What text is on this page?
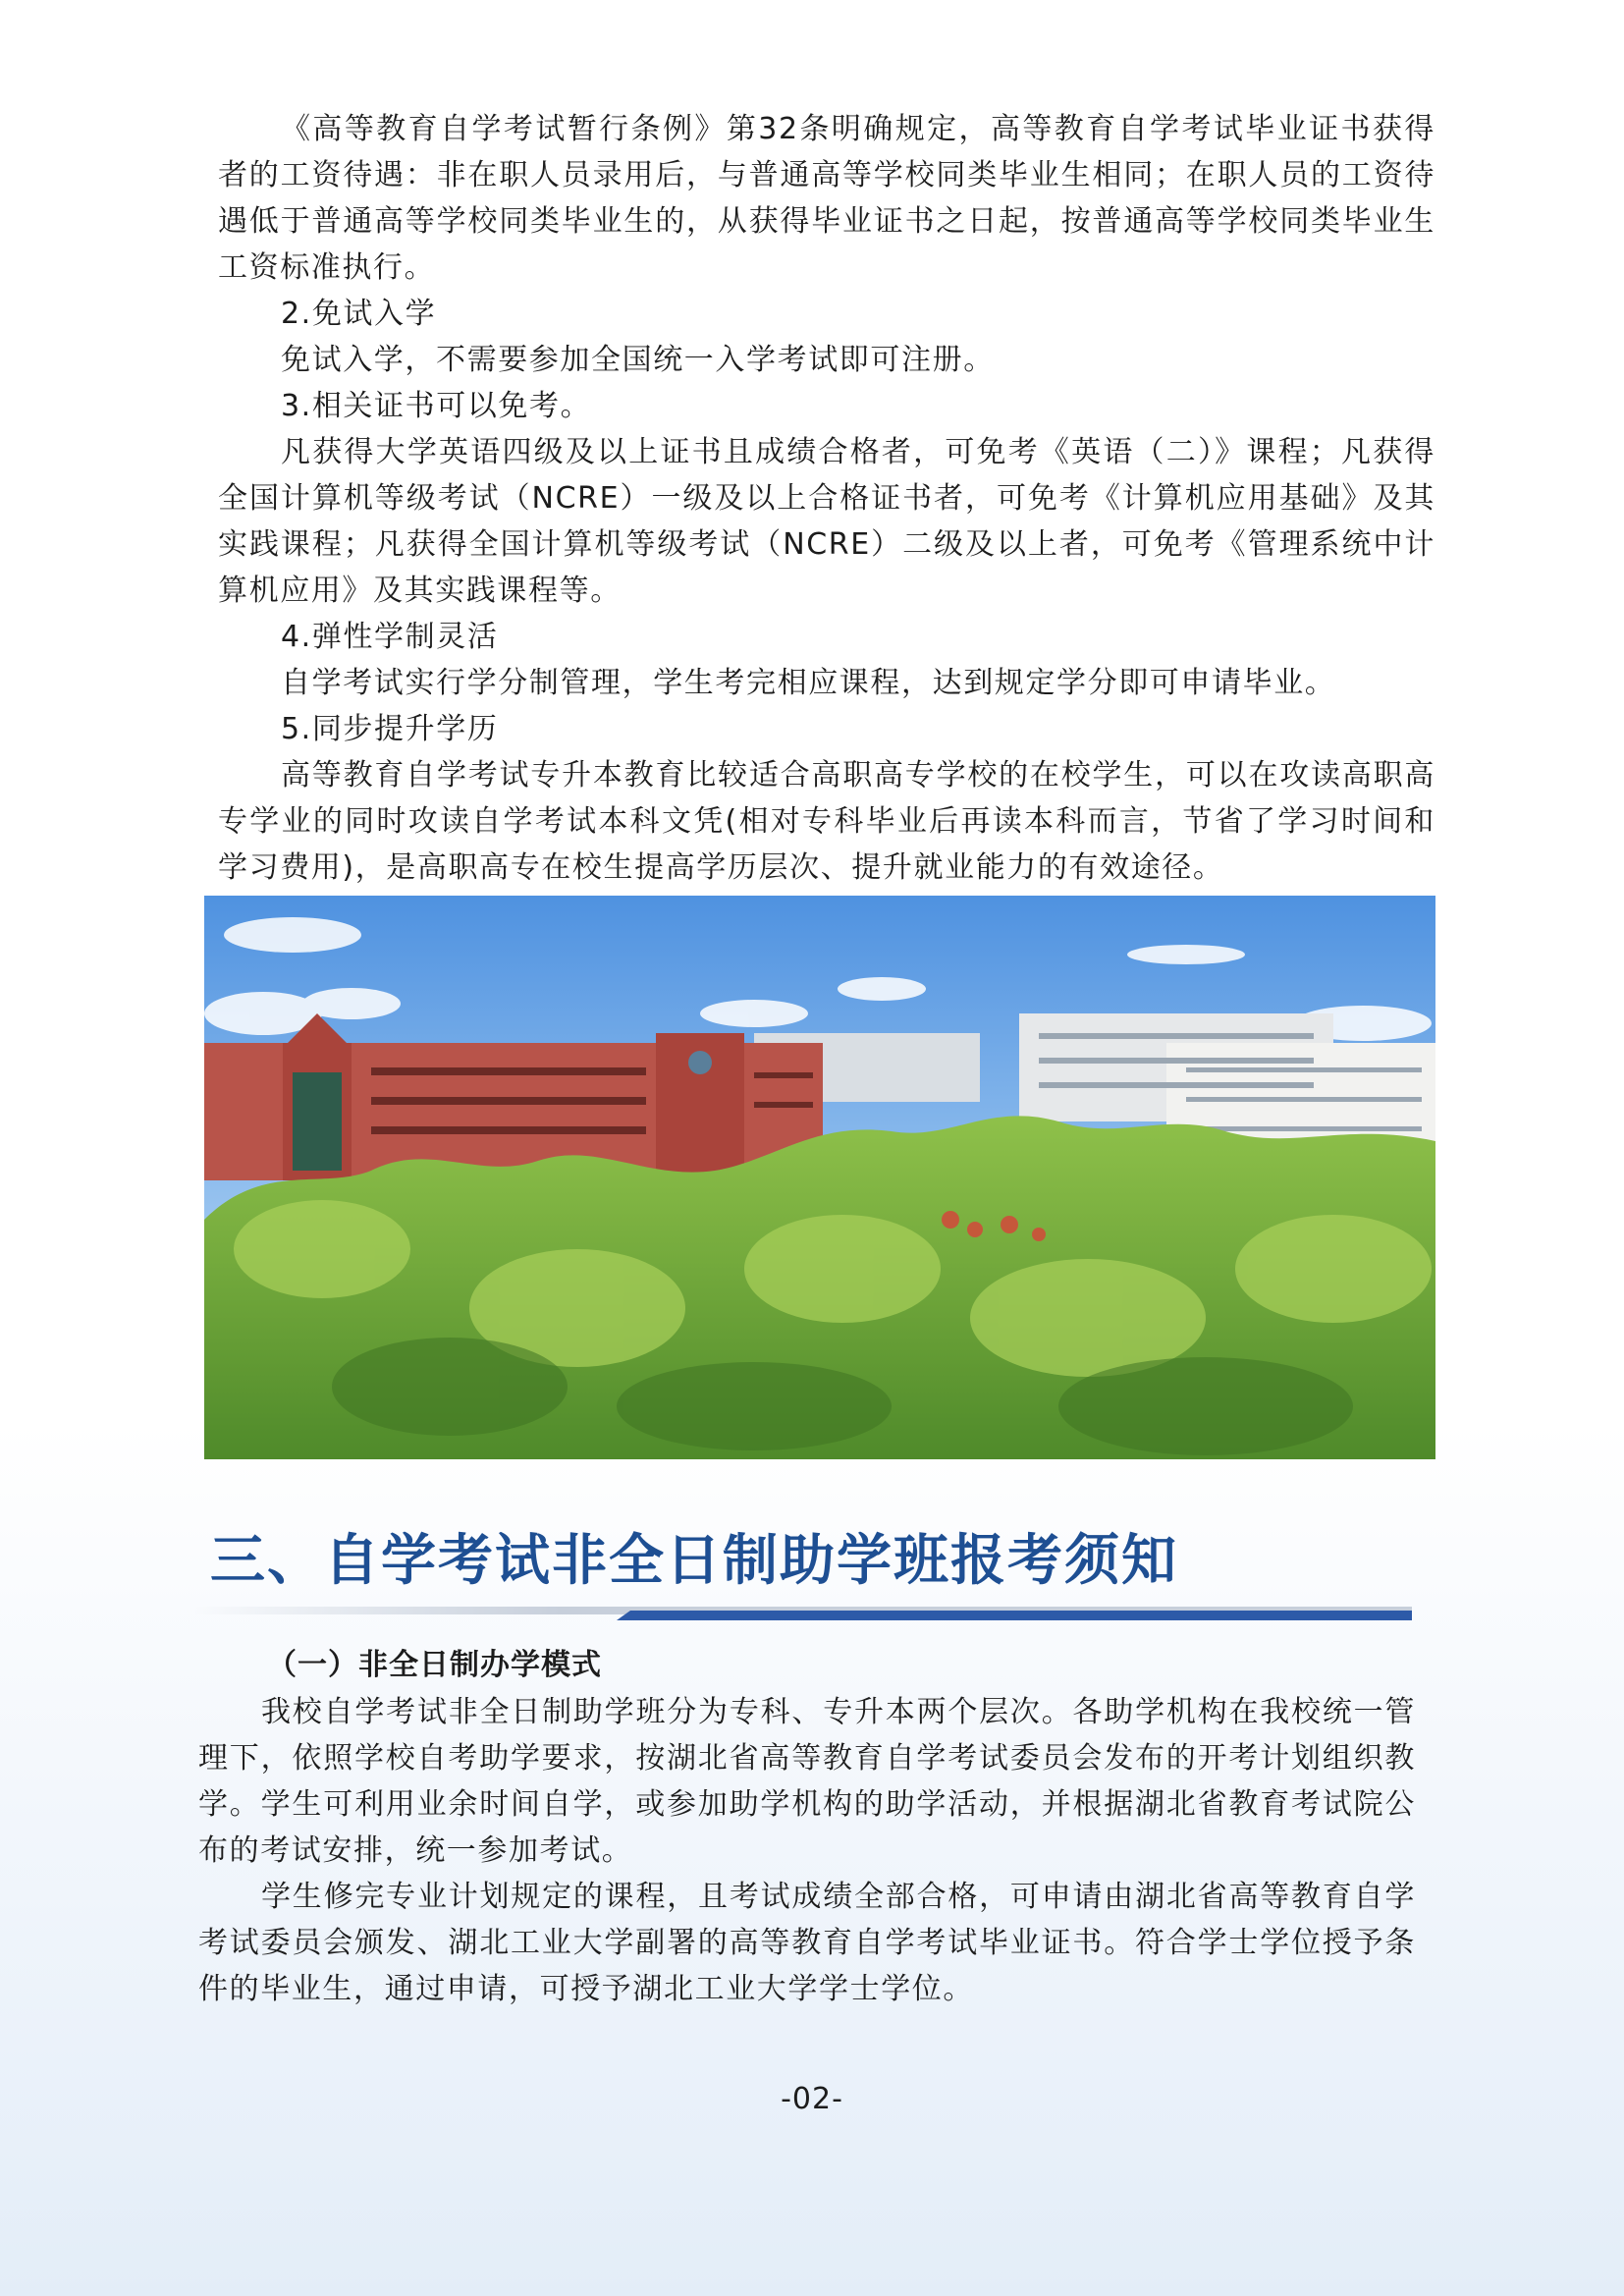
《高等教育自学考试暂行条例》第32条明确规定，高等教育自学考试毕业证书获得者的工资待遇：非在职人员录用后，与普通高等学校同类毕业生相同；在职人员的工资待遇低于普通高等学校同类毕业生的，从获得毕业证书之日起，按普通高等学校同类毕业生工资标准执行。

2.免试入学

免试入学，不需要参加全国统一入学考试即可注册。

3.相关证书可以免考。

凡获得大学英语四级及以上证书且成绩合格者，可免考《英语（二）》课程；凡获得全国计算机等级考试（NCRE）一级及以上合格证书者，可免考《计算机应用基础》及其实践课程；凡获得全国计算机等级考试（NCRE）二级及以上者，可免考《管理系统中计算机应用》及其实践课程等。

4.弹性学制灵活

自学考试实行学分制管理，学生考完相应课程，达到规定学分即可申请毕业。

5.同步提升学历

高等教育自学考试专升本教育比较适合高职高专学校的在校学生，可以在攻读高职高专学业的同时攻读自学考试本科文凭(相对专科毕业后再读本科而言，节省了学习时间和学习费用)，是高职高专在校生提高学历层次、提升就业能力的有效途径。

三、自学考试非全日制助学班报考须知
（一）非全日制办学模式

我校自学考试非全日制助学班分为专科、专升本两个层次。各助学机构在我校统一管理下，依照学校自考助学要求，按湖北省高等教育自学考试委员会发布的开考计划组织教学。学生可利用业余时间自学，或参加助学机构的助学活动，并根据湖北省教育考试院公布的考试安排，统一参加考试。

学生修完专业计划规定的课程，且考试成绩全部合格，可申请由湖北省高等教育自学考试委员会颁发、湖北工业大学副署的高等教育自学考试毕业证书。符合学士学位授予条件的毕业生，通过申请，可授予湖北工业大学学士学位。

-02-
